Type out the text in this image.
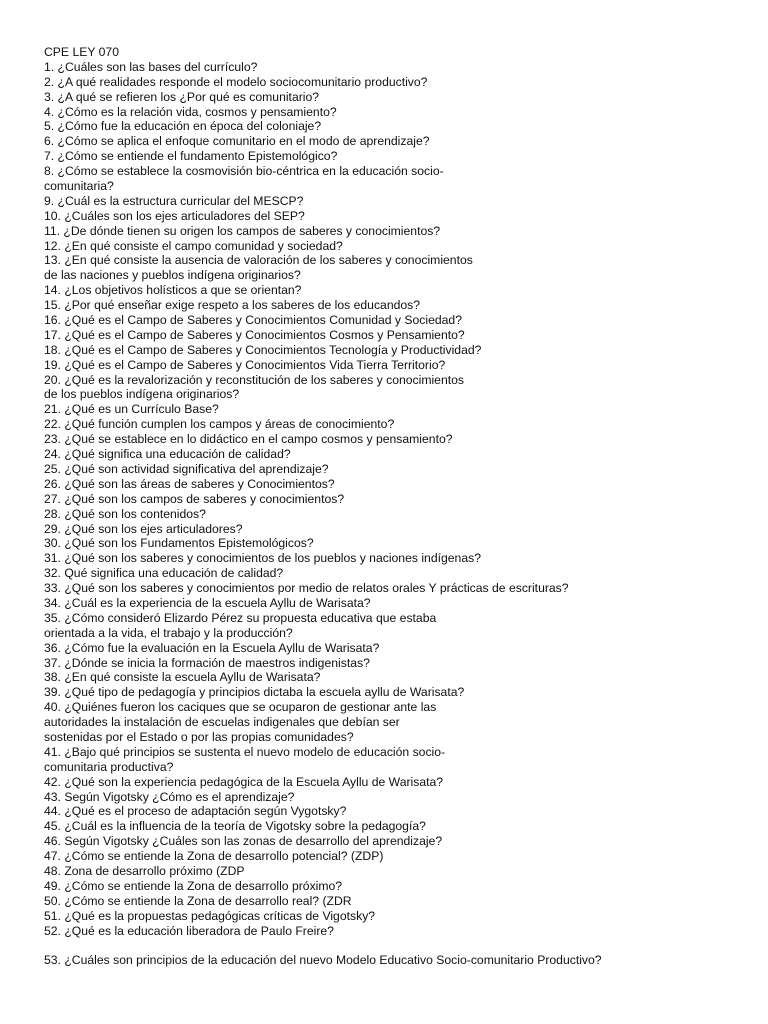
CPE LEY 070
1. ¿Cuáles son las bases del currículo?
2. ¿A qué realidades responde el modelo sociocomunitario productivo?
3. ¿A qué se refieren los ¿Por qué es comunitario?
4. ¿Cómo es la relación vida, cosmos y pensamiento?
5. ¿Cómo fue la educación en época del coloniaje?
6. ¿Cómo se aplica el enfoque comunitario en el modo de aprendizaje?
7. ¿Cómo se entiende el fundamento Epistemológico?
8. ¿Cómo se establece la cosmovisión bio-céntrica en la educación socio-
comunitaria?
9. ¿Cuál es la estructura curricular del MESCP?
10. ¿Cuáles son los ejes articuladores del SEP?
11. ¿De dónde tienen su origen los campos de saberes y conocimientos?
12. ¿En qué consiste el campo comunidad y sociedad?
13. ¿En qué consiste la ausencia de valoración de los saberes y conocimientos
de las naciones y pueblos indígena originarios?
14. ¿Los objetivos holísticos a que se orientan?
15. ¿Por qué enseñar exige respeto a los saberes de los educandos?
16. ¿Qué es el Campo de Saberes y Conocimientos Comunidad y Sociedad?
17. ¿Qué es el Campo de Saberes y Conocimientos Cosmos y Pensamiento?
18. ¿Qué es el Campo de Saberes y Conocimientos Tecnología y Productividad?
19. ¿Qué es el Campo de Saberes y Conocimientos Vida Tierra Territorio?
20. ¿Qué es la revalorización y reconstitución de los saberes y conocimientos
de los pueblos indígena originarios?
21. ¿Qué es un Currículo Base?
22. ¿Qué función cumplen los campos y áreas de conocimiento?
23. ¿Qué se establece en lo didáctico en el campo cosmos y pensamiento?
24. ¿Qué significa una educación de calidad?
25. ¿Qué son actividad significativa del aprendizaje?
26. ¿Qué son las áreas de saberes y Conocimientos?
27. ¿Qué son los campos de saberes y conocimientos?
28. ¿Qué son los contenidos?
29. ¿Qué son los ejes articuladores?
30. ¿Qué son los Fundamentos Epistemológicos?
31. ¿Qué son los saberes y conocimientos de los pueblos y naciones indígenas?
32. Qué significa una educación de calidad?
33. ¿Qué son los saberes y conocimientos por medio de relatos orales Y prácticas de escrituras?
34. ¿Cuál es la experiencia de la escuela Ayllu de Warisata?
35. ¿Cómo consideró Elizardo Pérez su propuesta educativa que estaba
orientada a la vida, el trabajo y la producción?
36. ¿Cómo fue la evaluación en la Escuela Ayllu de Warisata?
37. ¿Dónde se inicia la formación de maestros indigenistas?
38. ¿En qué consiste la escuela Ayllu de Warisata?
39. ¿Qué tipo de pedagogía y principios dictaba la escuela ayllu de Warisata?
40. ¿Quiénes fueron los caciques que se ocuparon de gestionar ante las
autoridades la instalación de escuelas indigenales que debían ser
sostenidas por el Estado o por las propias comunidades?
41. ¿Bajo qué principios se sustenta el nuevo modelo de educación socio-
comunitaria productiva?
42. ¿Qué son la experiencia pedagógica de la Escuela Ayllu de Warisata?
43. Según Vigotsky ¿Cómo es el aprendizaje?
44. ¿Qué es el proceso de adaptación según Vygotsky?
45. ¿Cuál es la influencia de la teoría de Vigotsky sobre la pedagogía?
46. Según Vigotsky ¿Cuáles son las zonas de desarrollo del aprendizaje?
47. ¿Cómo se entiende la Zona de desarrollo potencial? (ZDP)
48. Zona de desarrollo próximo (ZDP
49. ¿Cómo se entiende la Zona de desarrollo próximo?
50. ¿Cómo se entiende la Zona de desarrollo real? (ZDR
51. ¿Qué es la propuestas pedagógicas críticas de Vigotsky?
52. ¿Qué es la educación liberadora de Paulo Freire?
53. ¿Cuáles son principios de la educación del nuevo Modelo Educativo Socio-comunitario Productivo?
